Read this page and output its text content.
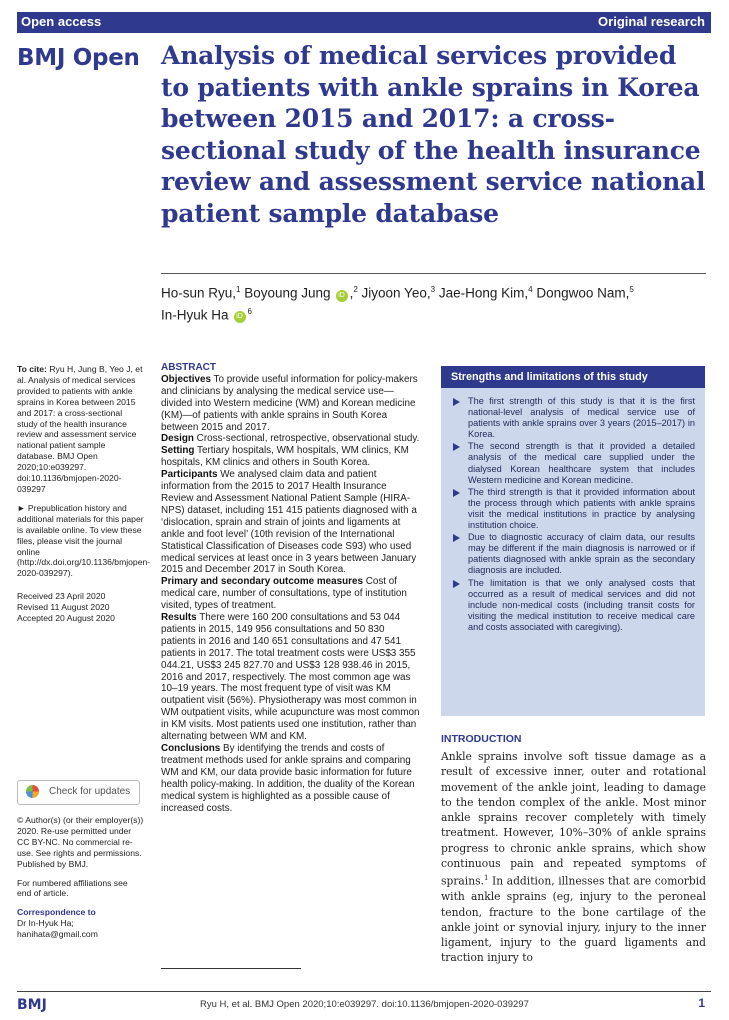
Open access	Original research
BMJ Open Analysis of medical services provided to patients with ankle sprains in Korea between 2015 and 2017: a cross-sectional study of the health insurance review and assessment service national patient sample database
Ho-sun Ryu,$^1$ Boyoung Jung iD ,$^2$ Jiyoon Yeo,$^3$ Jae-Hong Kim,$^4$ Dongwoo Nam,$^5$
In-Hyuk Ha $iD^6$

To cite: Ryu H, Jung B, Yeo J, et al. Analysis of medical services provided to patients with ankle sprains in Korea between 2015 and 2017: a cross-sectional study of the health insurance review and assessment service national patient sample database. BMJ Open 2020;10:e039297. doi:10.1136/bmjopen-2020-039297

► Prepublication history and additional materials for this paper is available online. To view these files, please visit the journal online (http://dx.doi.org/10.1136/bmjopen-2020-039297).

Received 23 April 2020
Revised 11 August 2020
Accepted 20 August 2020

Check for updates

© Author(s) (or their employer(s)) 2020. Re-use permitted under CC BY-NC. No commercial re-use. See rights and permissions. Published by BMJ.

For numbered affiliations see end of article.

Correspondence to
Dr In-Hyuk Ha;
hanihata@gmail.com

ABSTRACT

Objectives To provide useful information for policy-makers and clinicians by analysing the medical service use—divided into Western medicine (WM) and Korean medicine (KM)—of patients with ankle sprains in South Korea between 2015 and 2017.

Design Cross-sectional, retrospective, observational study.

Setting Tertiary hospitals, WM hospitals, WM clinics, KM hospitals, KM clinics and others in South Korea.

Participants We analysed claim data and patient information from the 2015 to 2017 Health Insurance Review and Assessment National Patient Sample (HIRA-NPS) dataset, including 151 415 patients diagnosed with a ‘dislocation, sprain and strain of joints and ligaments at ankle and foot level’ (10th revision of the International Statistical Classification of Diseases code S93) who used medical services at least once in 3 years between January 2015 and December 2017 in South Korea.

Primary and secondary outcome measures Cost of medical care, number of consultations, type of institution visited, types of treatment.

Results There were 160 200 consultations and 53 044 patients in 2015, 149 956 consultations and 50 830 patients in 2016 and 140 651 consultations and 47 541 patients in 2017. The total treatment costs were US$3 355 044.21, US$3 245 827.70 and US$3 128 938.46 in 2015, 2016 and 2017, respectively. The most common age was 10–19 years. The most frequent type of visit was KM outpatient visit (56%). Physiotherapy was most common in WM outpatient visits, while acupuncture was most common in KM visits. Most patients used one institution, rather than alternating between WM and KM.

Conclusions By identifying the trends and costs of treatment methods used for ankle sprains and comparing WM and KM, our data provide basic information for future health policy-making. In addition, the duality of the Korean medical system is highlighted as a possible cause of increased costs.

Strengths and limitations of this study
The first strength of this study is that it is the first national-level analysis of medical service use of patients with ankle sprains over 3 years (2015–2017) in Korea.
The second strength is that it provided a detailed analysis of the medical care supplied under the dialysed Korean healthcare system that includes Western medicine and Korean medicine.
The third strength is that it provided information about the process through which patients with ankle sprains visit the medical institutions in practice by analysing institution choice.
Due to diagnostic accuracy of claim data, our results may be different if the main diagnosis is narrowed or if patients diagnosed with ankle sprain as the secondary diagnosis are included.
The limitation is that we only analysed costs that occurred as a result of medical services and did not include non-medical costs (including transit costs for visiting the medical institution to receive medical care and costs associated with caregiving).
INTRODUCTION

Ankle sprains involve soft tissue damage as a result of excessive inner, outer and rotational movement of the ankle joint, leading to damage to the tendon complex of the ankle. Most minor ankle sprains recover completely with timely treatment. However, 10%–30% of ankle sprains progress to chronic ankle sprains, which show continuous pain and repeated symptoms of sprains.$^1$ In addition, illnesses that are comorbid with ankle sprains (eg, injury to the peroneal tendon, fracture to the bone cartilage of the ankle joint or synovial injury, injury to the inner ligament, injury to the guard ligaments and traction injury to

BMJ	Ryu H, et al. BMJ Open 2020;10:e039297. doi:10.1136/bmjopen-2020-039297	1
